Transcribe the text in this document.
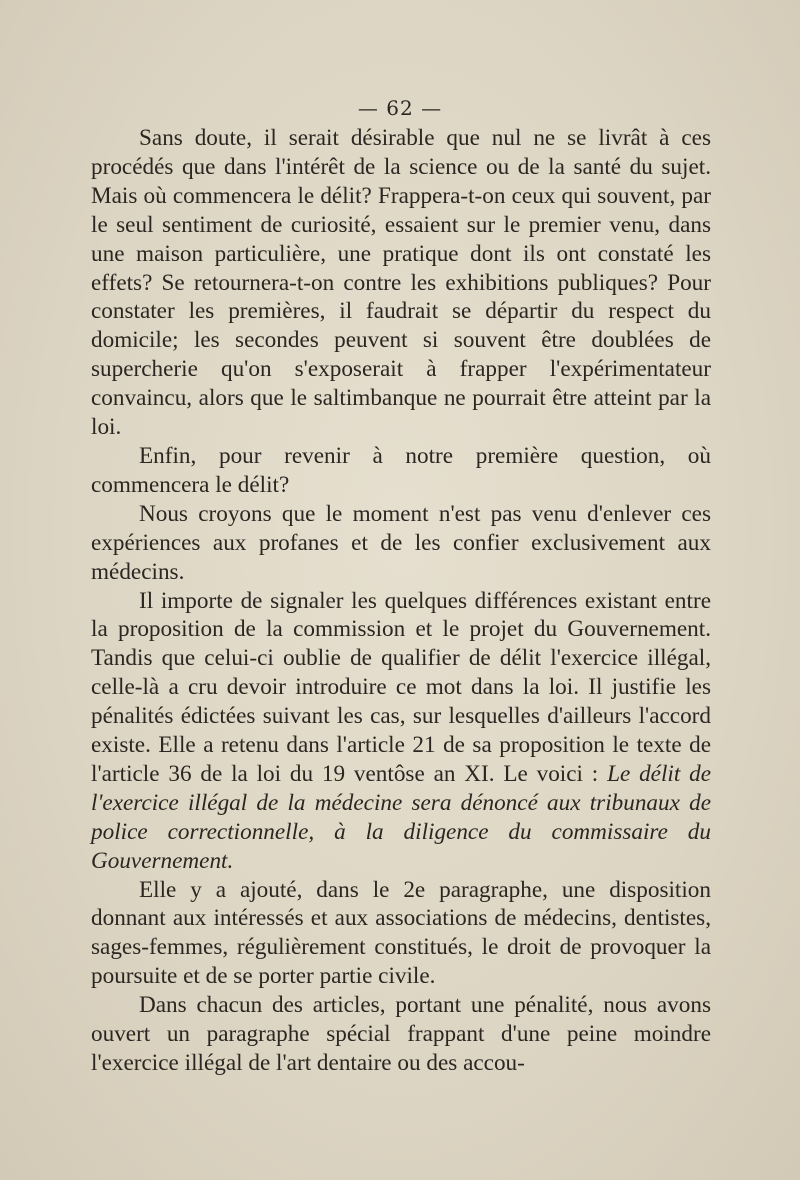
— 62 —

Sans doute, il serait désirable que nul ne se livrât à ces procédés que dans l'intérêt de la science ou de la santé du sujet. Mais où commencera le délit? Frappera-t-on ceux qui souvent, par le seul sentiment de curiosité, essaient sur le premier venu, dans une maison particulière, une pratique dont ils ont constaté les effets? Se retournera-t-on contre les exhibitions publiques? Pour constater les premières, il faudrait se départir du respect du domicile; les secondes peuvent si souvent être doublées de supercherie qu'on s'exposerait à frapper l'expérimentateur convaincu, alors que le saltimbanque ne pourrait être atteint par la loi.

Enfin, pour revenir à notre première question, où commencera le délit?

Nous croyons que le moment n'est pas venu d'enlever ces expériences aux profanes et de les confier exclusivement aux médecins.

Il importe de signaler les quelques différences existant entre la proposition de la commission et le projet du Gouvernement. Tandis que celui-ci oublie de qualifier de délit l'exercice illégal, celle-là a cru devoir introduire ce mot dans la loi. Il justifie les pénalités édictées suivant les cas, sur lesquelles d'ailleurs l'accord existe. Elle a retenu dans l'article 21 de sa proposition le texte de l'article 36 de la loi du 19 ventôse an XI. Le voici : Le délit de l'exercice illégal de la médecine sera dénoncé aux tribunaux de police correctionnelle, à la diligence du commissaire du Gouvernement.

Elle y a ajouté, dans le 2e paragraphe, une disposition donnant aux intéressés et aux associations de médecins, dentistes, sages-femmes, régulièrement constitués, le droit de provoquer la poursuite et de se porter partie civile.

Dans chacun des articles, portant une pénalité, nous avons ouvert un paragraphe spécial frappant d'une peine moindre l'exercice illégal de l'art dentaire ou des accou-
